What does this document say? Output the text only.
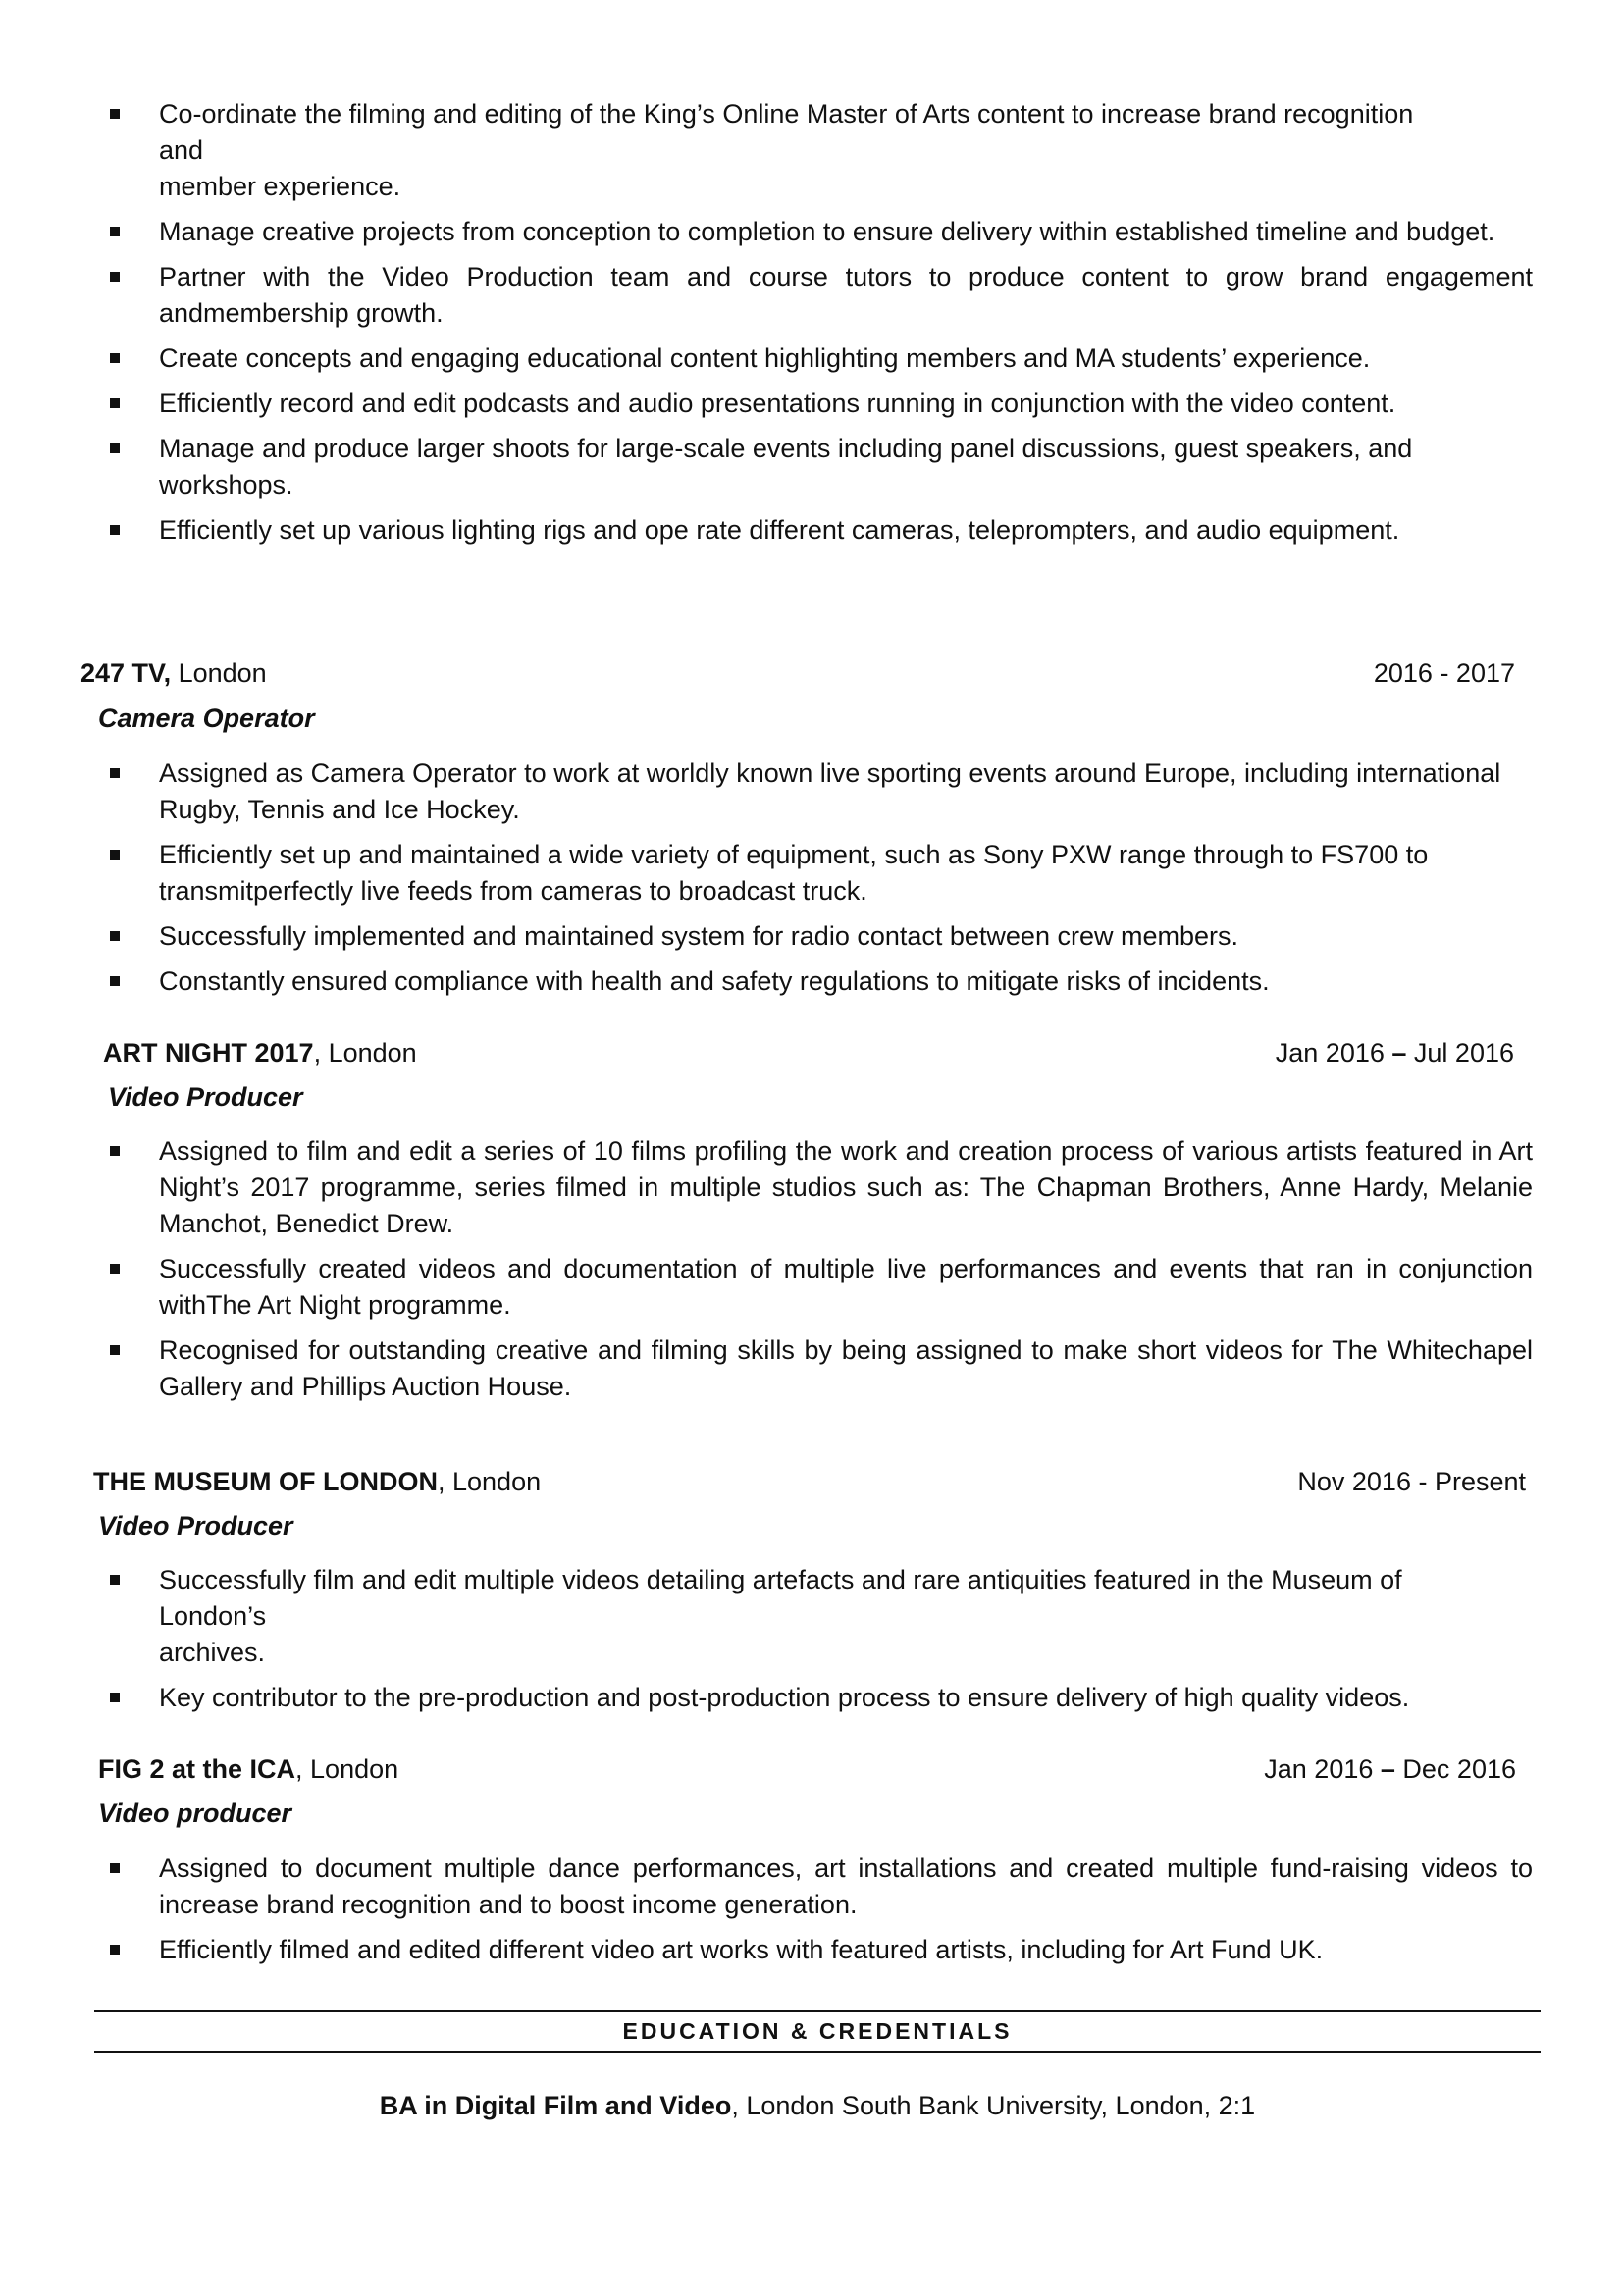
Co-ordinate the filming and editing of the King’s Online Master of Arts content to increase brand recognition
and
member experience.
Manage creative projects from conception to completion to ensure delivery within established timeline and budget.
Partner with the Video Production team and course tutors to produce content to grow brand engagement andmembership growth.
Create concepts and engaging educational content highlighting members and MA students’ experience.
Efficiently record and edit podcasts and audio presentations running in conjunction with the video content.
Manage and produce larger shoots for large-scale events including panel discussions, guest speakers, and workshops.
Efficiently set up various lighting rigs and ope rate different cameras, teleprompters, and audio equipment.
247 TV, London	2016 - 2017
Camera Operator
Assigned as Camera Operator to work at worldly known live sporting events around Europe, including international Rugby, Tennis and Ice Hockey.
Efficiently set up and maintained a wide variety of equipment, such as Sony PXW range through to FS700 to transmitperfectly live feeds from cameras to broadcast truck.
Successfully implemented and maintained system for radio contact between crew members.
Constantly ensured compliance with health and safety regulations to mitigate risks of incidents.
ART NIGHT 2017, London	Jan 2016 – Jul 2016
Video Producer
Assigned to film and edit a series of 10 films profiling the work and creation process of various artists featured in Art Night’s 2017 programme, series filmed in multiple studios such as: The Chapman Brothers, Anne Hardy, Melanie Manchot, Benedict Drew.
Successfully created videos and documentation of multiple live performances and events that ran in conjunction withThe Art Night programme.
Recognised for outstanding creative and filming skills by being assigned to make short videos for The Whitechapel Gallery and Phillips Auction House.
THE MUSEUM OF LONDON, London	Nov 2016 - Present
Video Producer
Successfully film and edit multiple videos detailing artefacts and rare antiquities featured in the Museum of
London’s
archives.
Key contributor to the pre-production and post-production process to ensure delivery of high quality videos.
FIG 2 at the ICA, London	Jan 2016 – Dec 2016
Video producer
Assigned to document multiple dance performances, art installations and created multiple fund-raising videos to increase brand recognition and to boost income generation.
Efficiently filmed and edited different video art works with featured artists, including for Art Fund UK.
EDUCATION & CREDENTIALS
BA in Digital Film and Video, London South Bank University, London, 2:1
